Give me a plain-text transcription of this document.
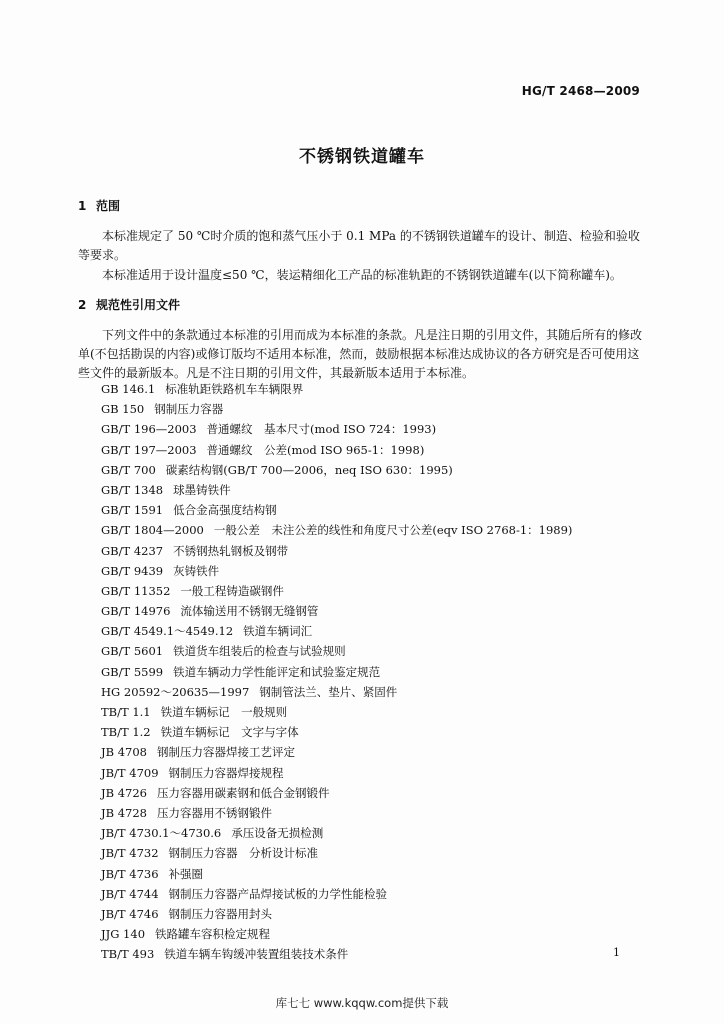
HG/T 2468—2009
不锈钢铁道罐车
1 范围

本标准规定了 50 ℃时介质的饱和蒸气压小于 0.1 MPa 的不锈钢铁道罐车的设计、制造、检验和验收等要求。

本标准适用于设计温度≤50 ℃，装运精细化工产品的标准轨距的不锈钢铁道罐车(以下简称罐车)。

2 规范性引用文件

下列文件中的条款通过本标准的引用而成为本标准的条款。凡是注日期的引用文件，其随后所有的修改单(不包括勘误的内容)或修订版均不适用本标准，然而，鼓励根据本标准达成协议的各方研究是否可使用这些文件的最新版本。凡是不注日期的引用文件，其最新版本适用于本标准。

GB 146.1 标准轨距铁路机车车辆限界
GB 150 钢制压力容器
GB/T 196—2003 普通螺纹　基本尺寸(mod ISO 724：1993)
GB/T 197—2003 普通螺纹　公差(mod ISO 965-1：1998)
GB/T 700 碳素结构钢(GB/T 700—2006，neq ISO 630：1995)
GB/T 1348 球墨铸铁件
GB/T 1591 低合金高强度结构钢
GB/T 1804—2000 一般公差　未注公差的线性和角度尺寸公差(eqv ISO 2768-1：1989)
GB/T 4237 不锈钢热轧钢板及钢带
GB/T 9439 灰铸铁件
GB/T 11352 一般工程铸造碳钢件
GB/T 14976 流体输送用不锈钢无缝钢管
GB/T 4549.1～4549.12 铁道车辆词汇
GB/T 5601 铁道货车组装后的检查与试验规则
GB/T 5599 铁道车辆动力学性能评定和试验鉴定规范
HG 20592～20635—1997 钢制管法兰、垫片、紧固件
TB/T 1.1 铁道车辆标记　一般规则
TB/T 1.2 铁道车辆标记　文字与字体
JB 4708 钢制压力容器焊接工艺评定
JB/T 4709 钢制压力容器焊接规程
JB 4726 压力容器用碳素钢和低合金钢锻件
JB 4728 压力容器用不锈钢锻件
JB/T 4730.1～4730.6 承压设备无损检测
JB/T 4732 钢制压力容器　分析设计标准
JB/T 4736 补强圈
JB/T 4744 钢制压力容器产品焊接试板的力学性能检验
JB/T 4746 钢制压力容器用封头
JJG 140 铁路罐车容积检定规程
TB/T 493 铁道车辆车钩缓冲装置组装技术条件	1
库七七 www.kqqw.com提供下载
